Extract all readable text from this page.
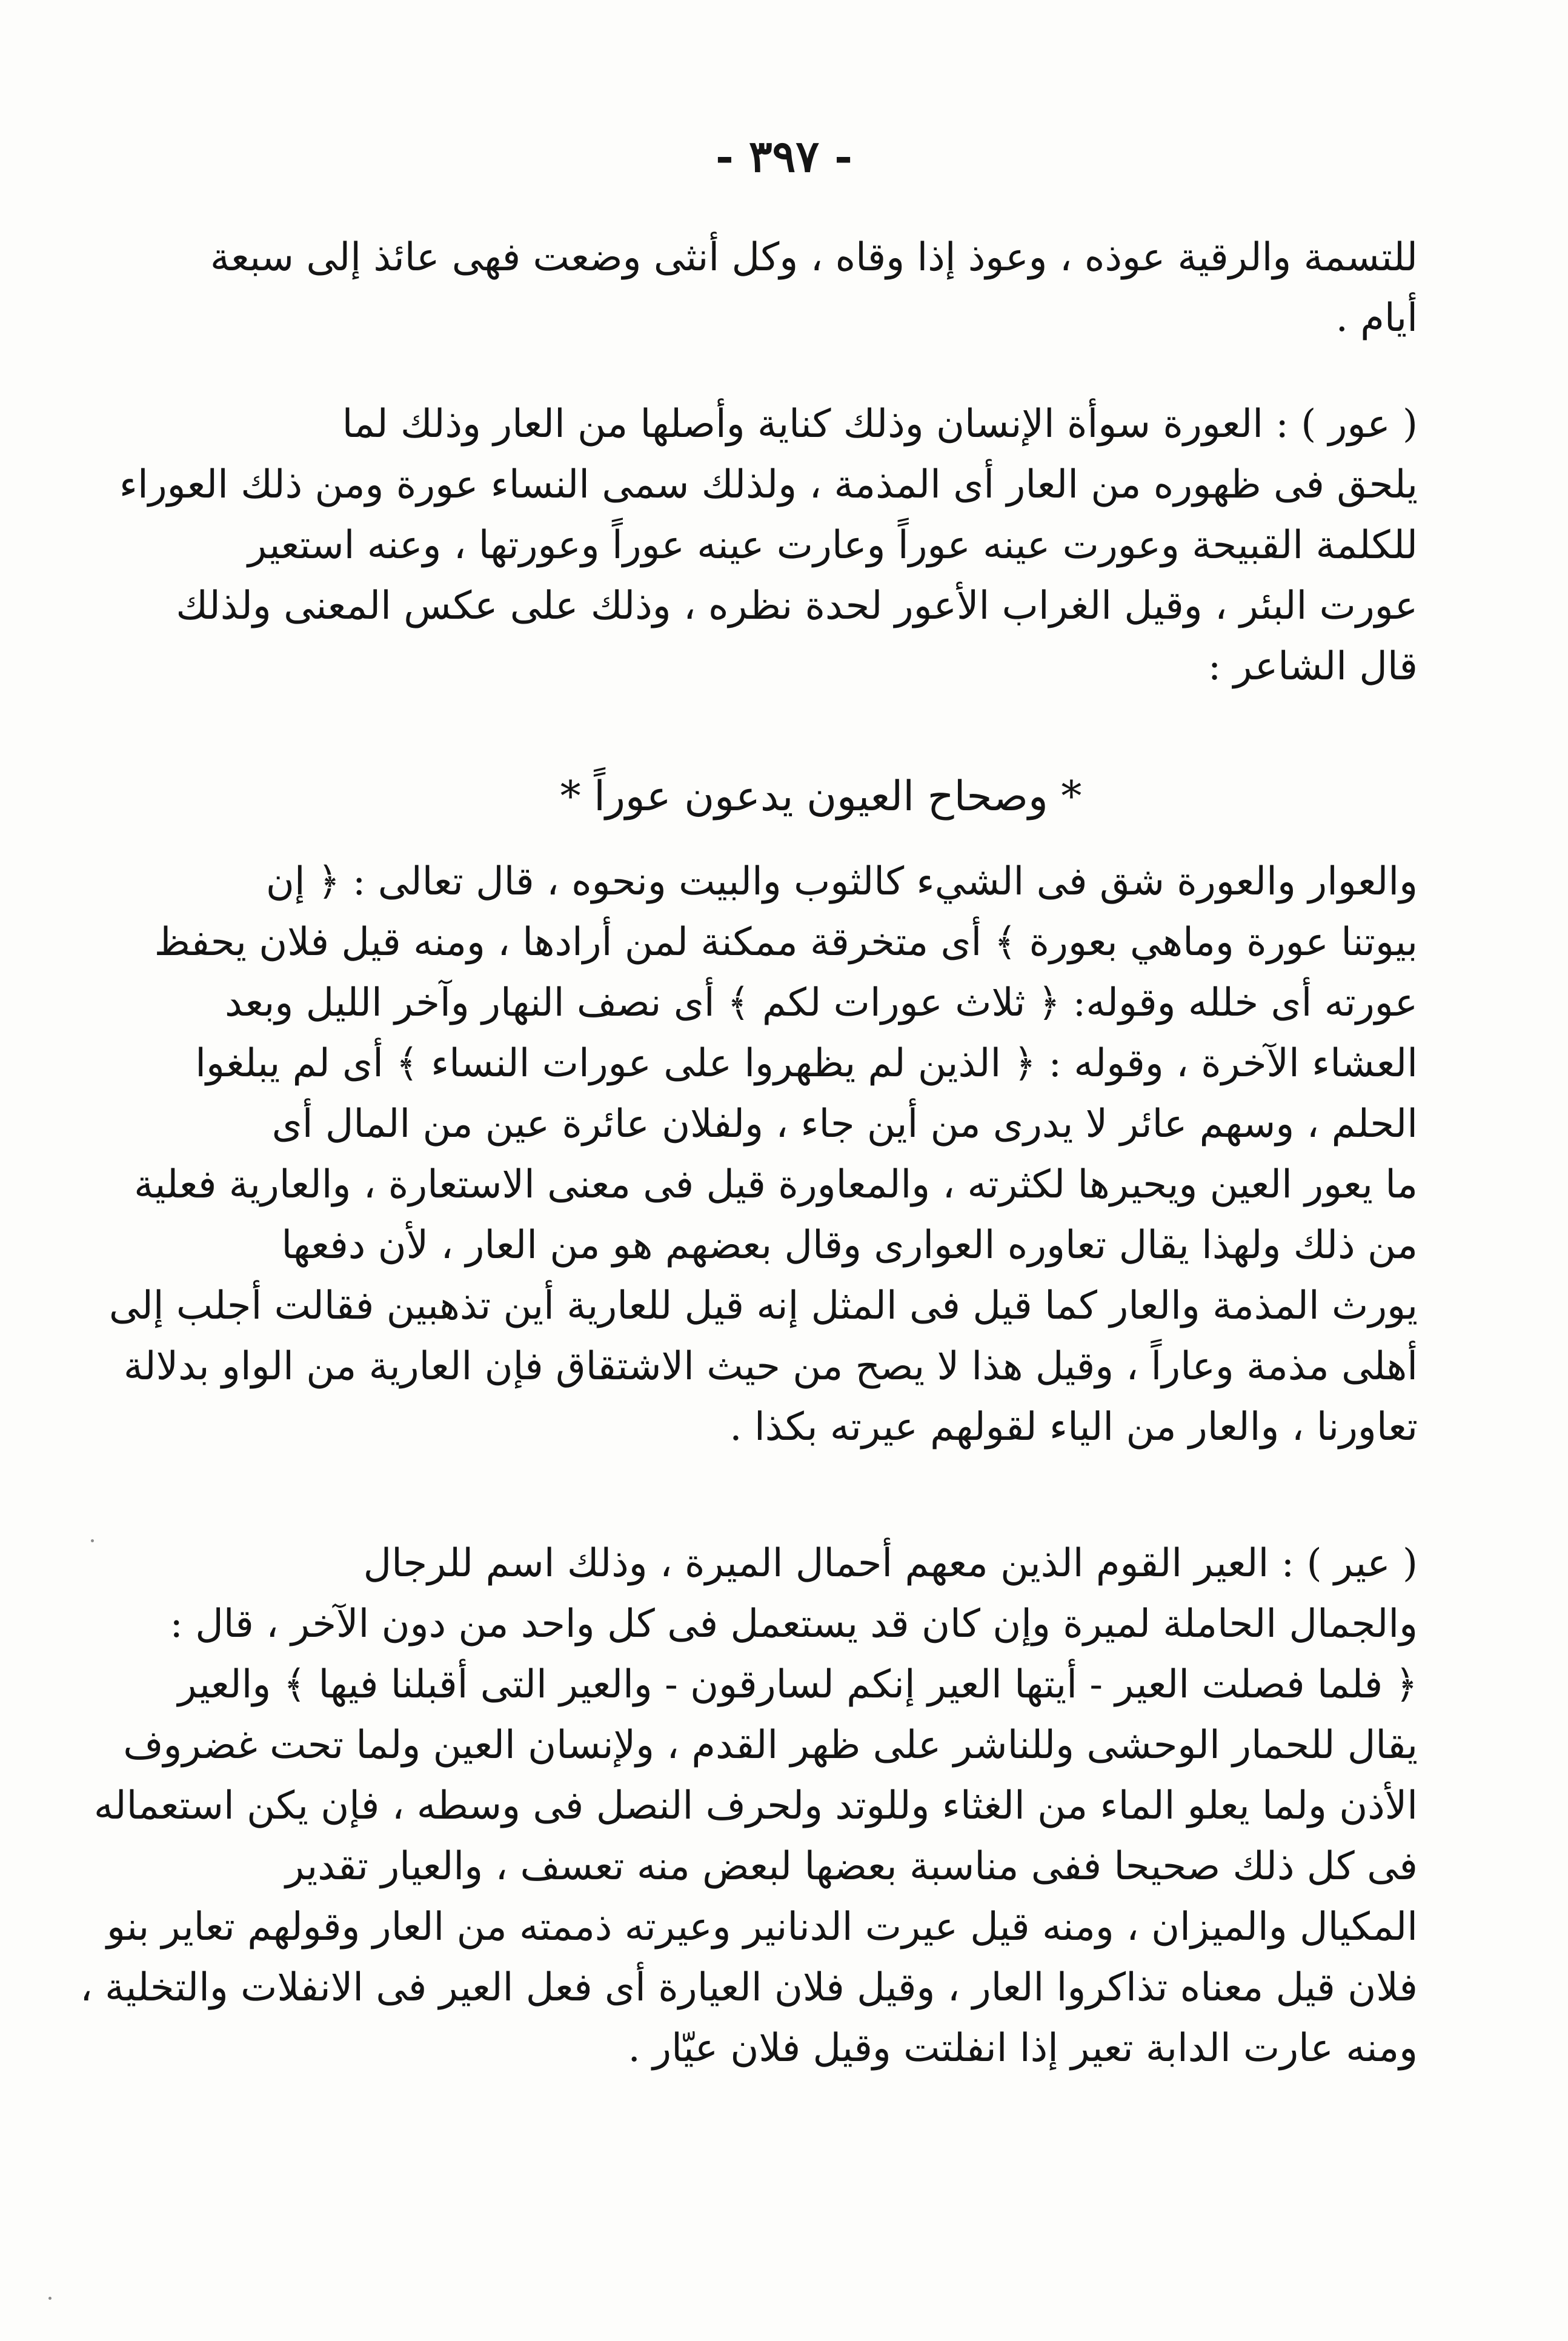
- ٣٩٧ -
للتسمة والرقية عوذه ، وعوذ إذا وقاه ، وكل أنثى وضعت فهى عائذ إلى سبعة
أيام .
( عور ) : العورة سوأة الإنسان وذلك كناية وأصلها من العار وذلك لما
يلحق فى ظهوره من العار أى المذمة ، ولذلك سمى النساء عورة ومن ذلك العوراء
للكلمة القبيحة وعورت عينه عوراً وعارت عينه عوراً وعورتها ، وعنه استعير
عورت البئر ، وقيل الغراب الأعور لحدة نظره ، وذلك على عكس المعنى ولذلك
قال الشاعر :
* وصحاح العيون يدعون عوراً *
والعوار والعورة شق فى الشيء كالثوب والبيت ونحوه ، قال تعالى : ﴿ إن
بيوتنا عورة وماهي بعورة ﴾ أى متخرقة ممكنة لمن أرادها ، ومنه قيل فلان يحفظ
عورته أى خلله وقوله: ﴿ ثلاث عورات لكم ﴾ أى نصف النهار وآخر الليل وبعد
العشاء الآخرة ، وقوله : ﴿ الذين لم يظهروا على عورات النساء ﴾ أى لم يبلغوا
الحلم ، وسهم عائر لا يدرى من أين جاء ، ولفلان عائرة عين من المال أى
ما يعور العين ويحيرها لكثرته ، والمعاورة قيل فى معنى الاستعارة ، والعارية فعلية
من ذلك ولهذا يقال تعاوره العوارى وقال بعضهم هو من العار ، لأن دفعها
يورث المذمة والعار كما قيل فى المثل إنه قيل للعارية أين تذهبين فقالت أجلب إلى
أهلى مذمة وعاراً ، وقيل هذا لا يصح من حيث الاشتقاق فإن العارية من الواو بدلالة
تعاورنا ، والعار من الياء لقولهم عيرته بكذا .
( عير ) : العير القوم الذين معهم أحمال الميرة ، وذلك اسم للرجال
والجمال الحاملة لميرة وإن كان قد يستعمل فى كل واحد من دون الآخر ، قال :
﴿ فلما فصلت العير - أيتها العير إنكم لسارقون - والعير التى أقبلنا فيها ﴾ والعير
يقال للحمار الوحشى وللناشر على ظهر القدم ، ولإنسان العين ولما تحت غضروف
الأذن ولما يعلو الماء من الغثاء وللوتد ولحرف النصل فى وسطه ، فإن يكن استعماله
فى كل ذلك صحيحا ففى مناسبة بعضها لبعض منه تعسف ، والعيار تقدير
المكيال والميزان ، ومنه قيل عيرت الدنانير وعيرته ذممته من العار وقولهم تعاير بنو
فلان قيل معناه تذاكروا العار ، وقيل فلان العيارة أى فعل العير فى الانفلات والتخلية ،
ومنه عارت الدابة تعير إذا انفلتت وقيل فلان عيّار .
